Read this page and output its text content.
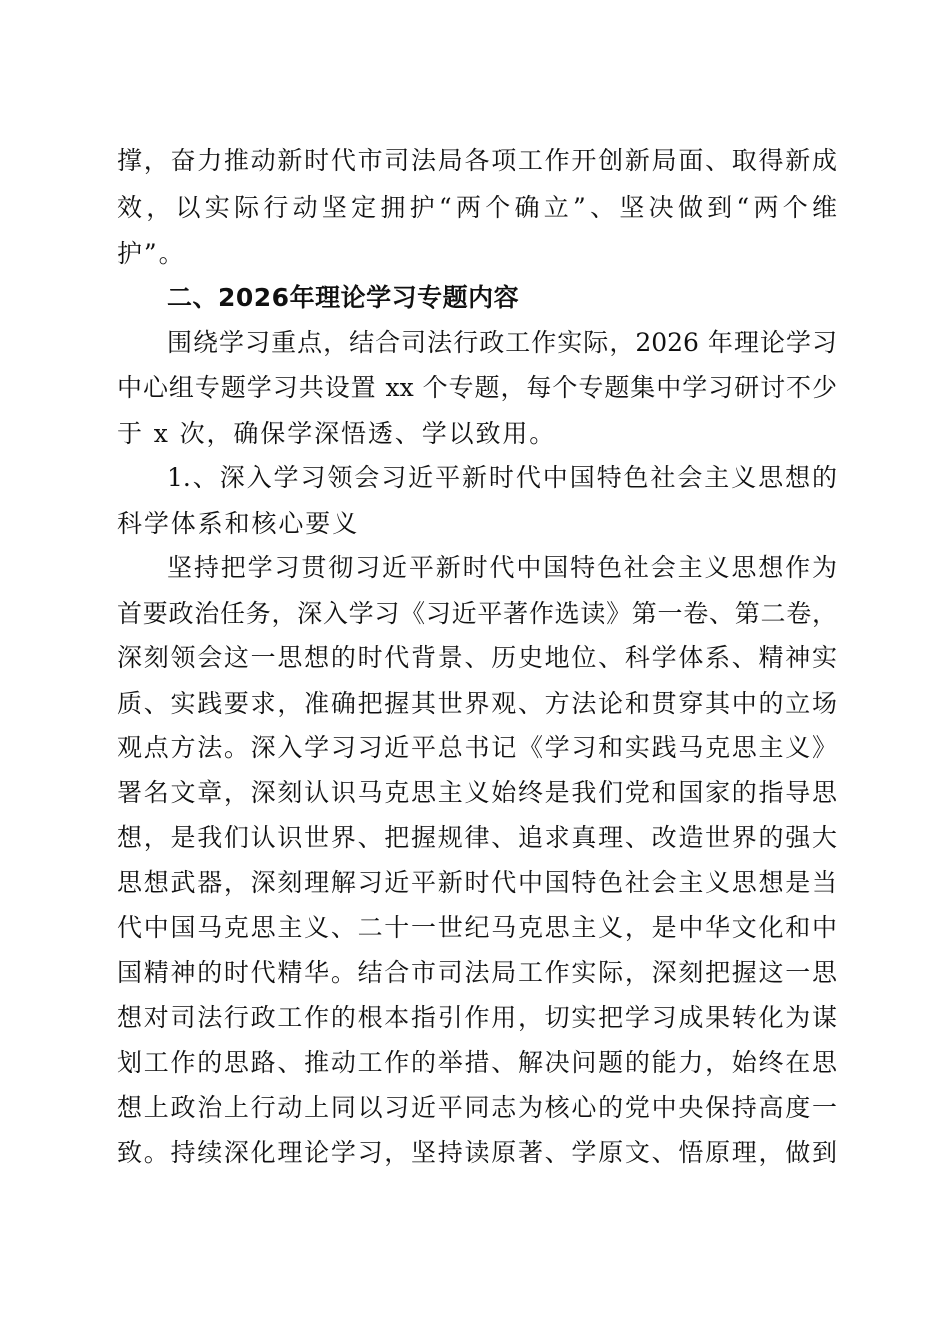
撑，奋力推动新时代市司法局各项工作开创新局面、取得新成
效，以实际行动坚定拥护“两个确立”、坚决做到“两个维
护”。
二、2026年理论学习专题内容
围绕学习重点，结合司法行政工作实际，2026 年理论学习
中心组专题学习共设置 xx 个专题，每个专题集中学习研讨不少
于 x 次，确保学深悟透、学以致用。
1.、深入学习领会习近平新时代中国特色社会主义思想的
科学体系和核心要义
坚持把学习贯彻习近平新时代中国特色社会主义思想作为
首要政治任务，深入学习《习近平著作选读》第一卷、第二卷，
深刻领会这一思想的时代背景、历史地位、科学体系、精神实
质、实践要求，准确把握其世界观、方法论和贯穿其中的立场
观点方法。深入学习习近平总书记《学习和实践马克思主义》
署名文章，深刻认识马克思主义始终是我们党和国家的指导思
想，是我们认识世界、把握规律、追求真理、改造世界的强大
思想武器，深刻理解习近平新时代中国特色社会主义思想是当
代中国马克思主义、二十一世纪马克思主义，是中华文化和中
国精神的时代精华。结合市司法局工作实际，深刻把握这一思
想对司法行政工作的根本指引作用，切实把学习成果转化为谋
划工作的思路、推动工作的举措、解决问题的能力，始终在思
想上政治上行动上同以习近平同志为核心的党中央保持高度一
致。持续深化理论学习，坚持读原著、学原文、悟原理，做到
